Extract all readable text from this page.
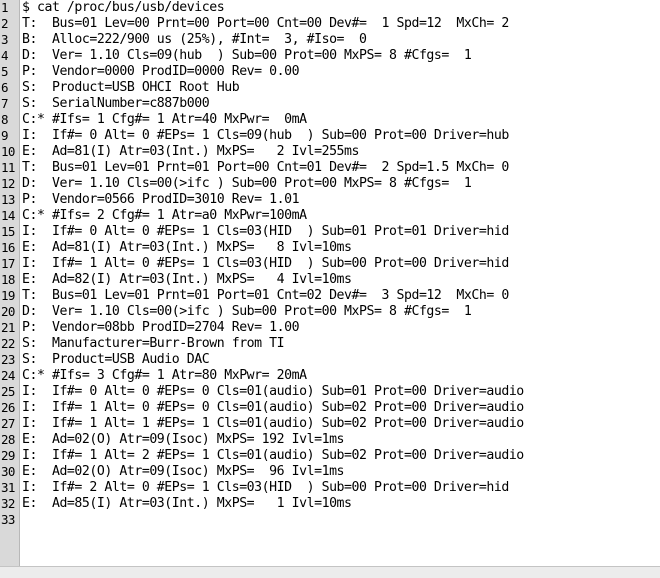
1	$ cat /proc/bus/usb/devices
2	T:  Bus=01 Lev=00 Prnt=00 Port=00 Cnt=00 Dev#=  1 Spd=12  MxCh= 2
3	B:  Alloc=222/900 us (25%), #Int=  3, #Iso=  0
4	D:  Ver= 1.10 Cls=09(hub  ) Sub=00 Prot=00 MxPS= 8 #Cfgs=  1
5	P:  Vendor=0000 ProdID=0000 Rev= 0.00
6	S:  Product=USB OHCI Root Hub
7	S:  SerialNumber=c887b000
8	C:* #Ifs= 1 Cfg#= 1 Atr=40 MxPwr=  0mA
9	I:  If#= 0 Alt= 0 #EPs= 1 Cls=09(hub  ) Sub=00 Prot=00 Driver=hub
10 E:  Ad=81(I) Atr=03(Int.) MxPS=   2 Ivl=255ms
11 T:  Bus=01 Lev=01 Prnt=01 Port=00 Cnt=01 Dev#=  2 Spd=1.5 MxCh= 0
12 D:  Ver= 1.10 Cls=00(>ifc ) Sub=00 Prot=00 MxPS= 8 #Cfgs=  1
13 P:  Vendor=0566 ProdID=3010 Rev= 1.01
14 C:* #Ifs= 2 Cfg#= 1 Atr=a0 MxPwr=100mA
15 I:  If#= 0 Alt= 0 #EPs= 1 Cls=03(HID  ) Sub=01 Prot=01 Driver=hid
16 E:  Ad=81(I) Atr=03(Int.) MxPS=   8 Ivl=10ms
17 I:  If#= 1 Alt= 0 #EPs= 1 Cls=03(HID  ) Sub=00 Prot=00 Driver=hid
18 E:  Ad=82(I) Atr=03(Int.) MxPS=   4 Ivl=10ms
19 T:  Bus=01 Lev=01 Prnt=01 Port=01 Cnt=02 Dev#=  3 Spd=12  MxCh= 0
20 D:  Ver= 1.10 Cls=00(>ifc ) Sub=00 Prot=00 MxPS= 8 #Cfgs=  1
21 P:  Vendor=08bb ProdID=2704 Rev= 1.00
22 S:  Manufacturer=Burr-Brown from TI
23 S:  Product=USB Audio DAC
24 C:* #Ifs= 3 Cfg#= 1 Atr=80 MxPwr= 20mA
25 I:  If#= 0 Alt= 0 #EPs= 0 Cls=01(audio) Sub=01 Prot=00 Driver=audio
26 I:  If#= 1 Alt= 0 #EPs= 0 Cls=01(audio) Sub=02 Prot=00 Driver=audio
27 I:  If#= 1 Alt= 1 #EPs= 1 Cls=01(audio) Sub=02 Prot=00 Driver=audio
28 E:  Ad=02(O) Atr=09(Isoc) MxPS= 192 Ivl=1ms
29 I:  If#= 1 Alt= 2 #EPs= 1 Cls=01(audio) Sub=02 Prot=00 Driver=audio
30 E:  Ad=02(O) Atr=09(Isoc) MxPS=  96 Ivl=1ms
31 I:  If#= 2 Alt= 0 #EPs= 1 Cls=03(HID  ) Sub=00 Prot=00 Driver=hid
32 E:  Ad=85(I) Atr=03(Int.) MxPS=   1 Ivl=10ms
33
